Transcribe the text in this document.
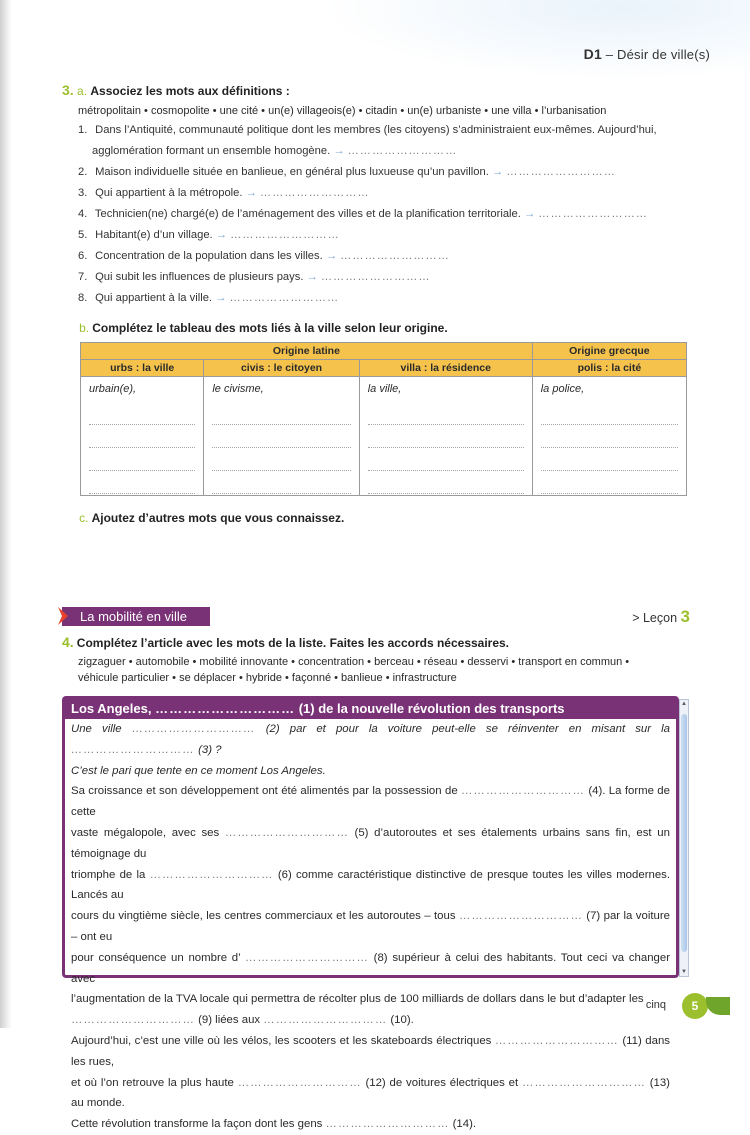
D1 – Désir de ville(s)
3. a. Associez les mots aux définitions :
métropolitain • cosmopolite • une cité • un(e) villageois(e) • citadin • un(e) urbaniste • une villa • l’urbanisation
1. Dans l’Antiquité, communauté politique dont les membres (les citoyens) s’administraient eux-mêmes. Aujourd’hui,
agglomération formant un ensemble homogène. → ………………………
2. Maison individuelle située en banlieue, en général plus luxueuse qu’un pavillon. → ………………………
3. Qui appartient à la métropole. → ………………………
4. Technicien(ne) chargé(e) de l’aménagement des villes et de la planification territoriale. → ………………………
5. Habitant(e) d’un village. → ………………………
6. Concentration de la population dans les villes. → ………………………
7. Qui subit les influences de plusieurs pays. → ………………………
8. Qui appartient à la ville. → ………………………
b. Complétez le tableau des mots liés à la ville selon leur origine.
Origine latine			Origine grecque
urbs : la ville	civis : le citoyen	villa : la résidence	polis : la cité
urbain(e),	le civisme,	la ville,	la police,
c. Ajoutez d’autres mots que vous connaissez.
La mobilité en ville	> Leçon 3
4. Complétez l’article avec les mots de la liste. Faites les accords nécessaires.
zigzaguer • automobile • mobilité innovante • concentration • berceau • réseau • desservi • transport en commun •
véhicule particulier • se déplacer • hybride • façonné • banlieue • infrastructure
Los Angeles, ………………………… (1) de la nouvelle révolution des transports
Une ville ………………………… (2) par et pour la voiture peut-elle se réinventer en misant sur la ………………………… (3) ?
C’est le pari que tente en ce moment Los Angeles.
Sa croissance et son développement ont été alimentés par la possession de ………………………… (4). La forme de cette
vaste mégalopole, avec ses ………………………… (5) d’autoroutes et ses étalements urbains sans fin, est un témoignage du
triomphe de la ………………………… (6) comme caractéristique distinctive de presque toutes les villes modernes. Lancés au
cours du vingtième siècle, les centres commerciaux et les autoroutes – tous ………………………… (7) par la voiture – ont eu
pour conséquence un nombre d’ ………………………… (8) supérieur à celui des habitants. Tout ceci va changer avec
l’augmentation de la TVA locale qui permettra de récolter plus de 100 milliards de dollars dans le but d’adapter les
………………………… (9) liées aux ………………………… (10).
Aujourd’hui, c’est une ville où les vélos, les scooters et les skateboards électriques ………………………… (11) dans les rues,
et où l’on retrouve la plus haute ………………………… (12) de voitures électriques et ………………………… (13) au monde.
Cette révolution transforme la façon dont les gens ………………………… (14).
▲
▼
cinq	5
